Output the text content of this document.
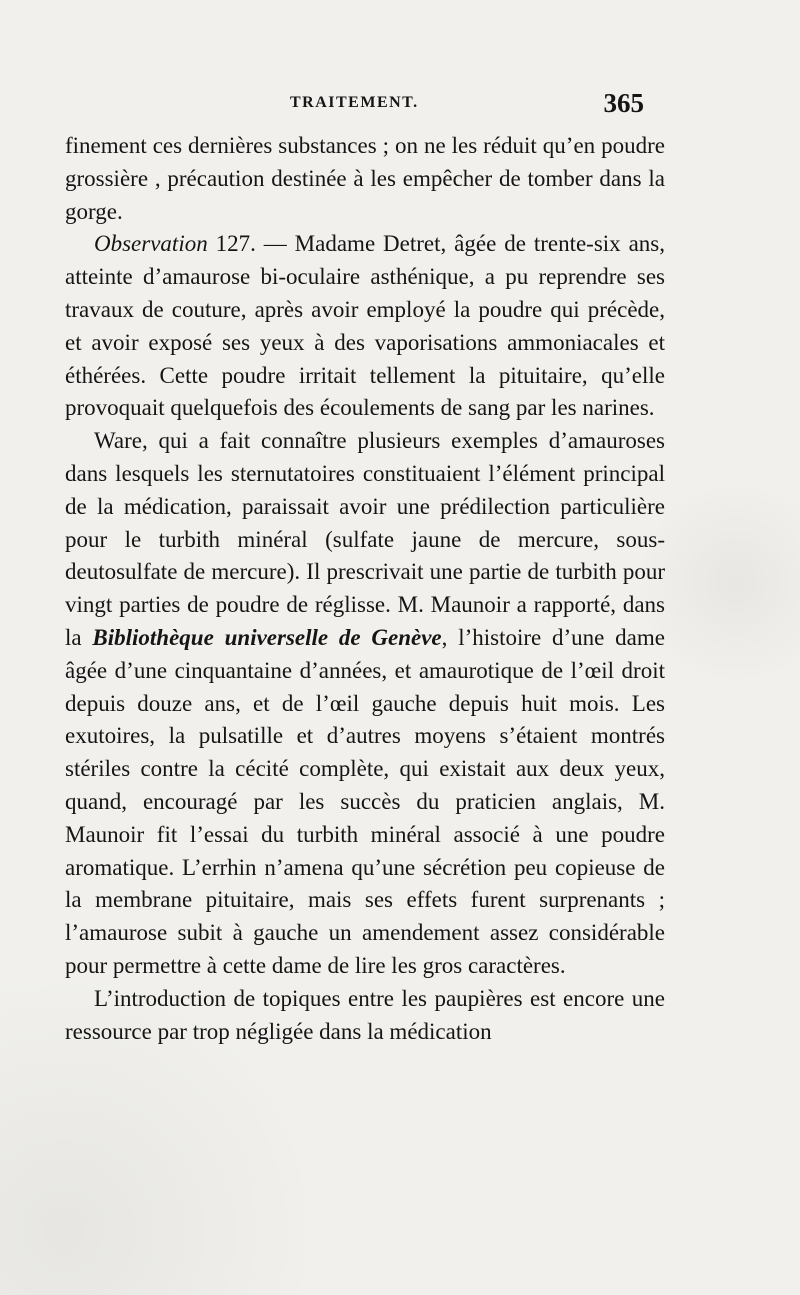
TRAITEMENT.	365

finement ces dernières substances ; on ne les réduit qu’en poudre grossière , précaution destinée à les empêcher de tomber dans la gorge.

Observation 127. — Madame Detret, âgée de trente-six ans, atteinte d’amaurose bi-oculaire asthénique, a pu reprendre ses travaux de couture, après avoir employé la poudre qui précède, et avoir exposé ses yeux à des vaporisations ammoniacales et éthérées. Cette poudre irritait tellement la pituitaire, qu’elle provoquait quelquefois des écoulements de sang par les narines.

Ware, qui a fait connaître plusieurs exemples d’amauroses dans lesquels les sternutatoires constituaient l’élément principal de la médication, paraissait avoir une prédilection particulière pour le turbith minéral (sulfate jaune de mercure, sous-deutosulfate de mercure). Il prescrivait une partie de turbith pour vingt parties de poudre de réglisse. M. Maunoir a rapporté, dans la Bibliothèque universelle de Genève, l’histoire d’une dame âgée d’une cinquantaine d’années, et amaurotique de l’œil droit depuis douze ans, et de l’œil gauche depuis huit mois. Les exutoires, la pulsatille et d’autres moyens s’étaient montrés stériles contre la cécité complète, qui existait aux deux yeux, quand, encouragé par les succès du praticien anglais, M. Maunoir fit l’essai du turbith minéral associé à une poudre aromatique. L’errhin n’amena qu’une sécrétion peu copieuse de la membrane pituitaire, mais ses effets furent surprenants ; l’amaurose subit à gauche un amendement assez considérable pour permettre à cette dame de lire les gros caractères.

L’introduction de topiques entre les paupières est encore une ressource par trop négligée dans la médication
